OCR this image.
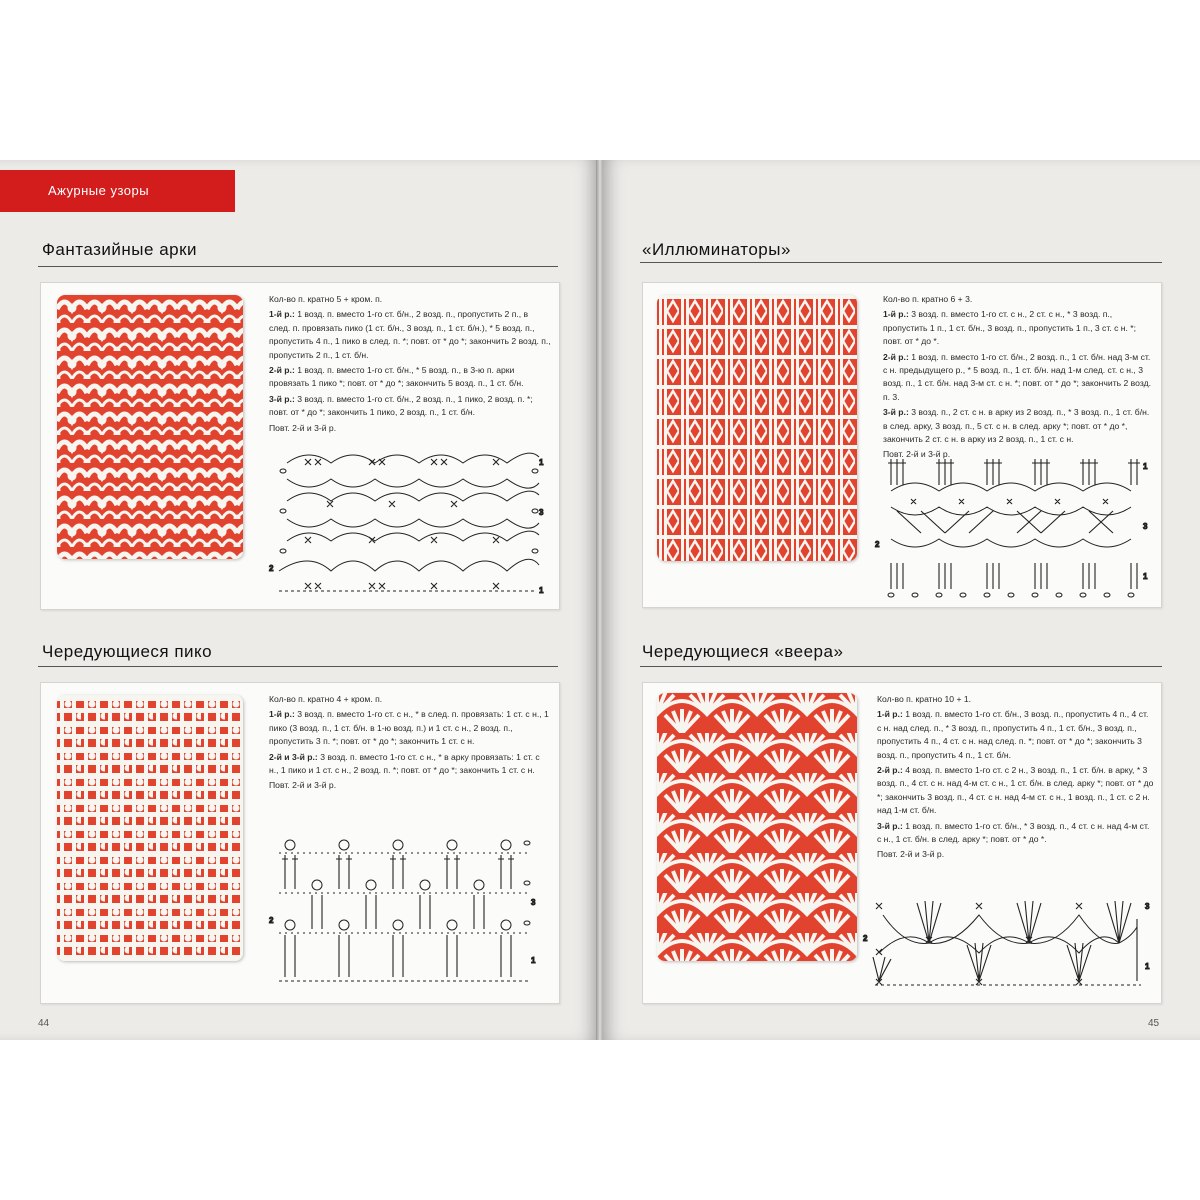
Ажурные узоры
Фантазийные арки

Кол-во п. кратно 5 + кром. п.

1-й р.: 1 возд. п. вместо 1-го ст. б/н., 2 возд. п., пропустить 2 п., в след. п. провязать пико (1 ст. б/н., 3 возд. п., 1 ст. б/н.), * 5 возд. п., пропустить 4 п., 1 пико в след. п. *; повт. от * до *; закончить 2 возд. п., пропустить 2 п., 1 ст. б/н.

2-й р.: 1 возд. п. вместо 1-го ст. б/н., * 5 возд. п., в 3-ю п. арки провязать 1 пико *; повт. от * до *; закончить 5 возд. п., 1 ст. б/н.

3-й р.: 3 возд. п. вместо 1-го ст. б/н., 2 возд. п., 1 пико, 2 возд. п. *; повт. от * до *; закончить 1 пико, 2 возд. п., 1 ст. б/н.

Повт. 2-й и 3-й р.

1
3
2
1
Чередующиеся пико

Кол-во п. кратно 4 + кром. п.

1-й р.: 3 возд. п. вместо 1-го ст. с н., * в след. п. провязать: 1 ст. с н., 1 пико (3 возд. п., 1 ст. б/н. в 1-ю возд. п.) и 1 ст. с н., 2 возд. п., пропустить 3 п. *; повт. от * до *; закончить 1 ст. с н.

2-й и 3-й р.: 3 возд. п. вместо 1-го ст. с н., * в арку провязать: 1 ст. с н., 1 пико и 1 ст. с н., 2 возд. п. *; повт. от * до *; закончить 1 ст. с н.

Повт. 2-й и 3-й р.

3
2
1
44
«Иллюминаторы»

Кол-во п. кратно 6 + 3.

1-й р.: 3 возд. п. вместо 1-го ст. с н., 2 ст. с н., * 3 возд. п., пропустить 1 п., 1 ст. б/н., 3 возд. п., пропустить 1 п., 3 ст. с н. *; повт. от * до *.

2-й р.: 1 возд. п. вместо 1-го ст. б/н., 2 возд. п., 1 ст. б/н. над 3-м ст. с н. предыдущего р., * 5 возд. п., 1 ст. б/н. над 1-м след. ст. с н., 3 возд. п., 1 ст. б/н. над 3-м ст. с н. *; повт. от * до *; закончить 2 возд. п. 3.

3-й р.: 3 возд. п., 2 ст. с н. в арку из 2 возд. п., * 3 возд. п., 1 ст. б/н. в след. арку, 3 возд. п., 5 ст. с н. в след. арку *; повт. от * до *, закончить 2 ст. с н. в арку из 2 возд. п., 1 ст. с н.

Повт. 2-й и 3-й р.

1
3
2
1
Чередующиеся «веера»

Кол-во п. кратно 10 + 1.

1-й р.: 1 возд. п. вместо 1-го ст. б/н., 3 возд. п., пропустить 4 п., 4 ст. с н. над след. п., * 3 возд. п., пропустить 4 п., 1 ст. б/н., 3 возд. п., пропустить 4 п., 4 ст. с н. над след. п. *; повт. от * до *; закончить 3 возд. п., пропустить 4 п., 1 ст. б/н.

2-й р.: 4 возд. п. вместо 1-го ст. с 2 н., 3 возд. п., 1 ст. б/н. в арку, * 3 возд. п., 4 ст. с н. над 4-м ст. с н., 1 ст. б/н. в след. арку *; повт. от * до *; закончить 3 возд. п., 4 ст. с н. над 4-м ст. с н., 1 возд. п., 1 ст. с 2 н. над 1-м ст. б/н.

3-й р.: 1 возд. п. вместо 1-го ст. б/н., * 3 возд. п., 4 ст. с н. над 4-м ст. с н., 1 ст. б/н. в след. арку *; повт. от * до *.

Повт. 2-й и 3-й р.

3
2
1
45
